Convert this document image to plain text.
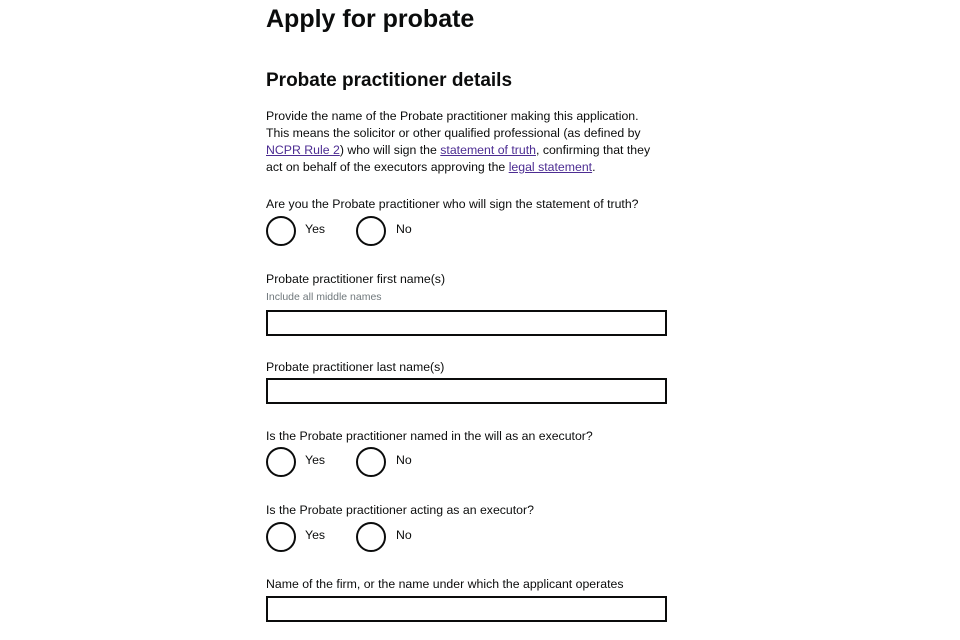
Apply for probate
Probate practitioner details

Provide the name of the Probate practitioner making this application.
This means the solicitor or other qualified professional (as defined by
NCPR Rule 2) who will sign the statement of truth, confirming that they
act on behalf of the executors approving the legal statement.

Are you the Probate practitioner who will sign the statement of truth?

Yes	No

Probate practitioner first name(s)

Include all middle names

Probate practitioner last name(s)

Is the Probate practitioner named in the will as an executor?

Yes	No

Is the Probate practitioner acting as an executor?

Yes	No

Name of the firm, or the name under which the applicant operates
